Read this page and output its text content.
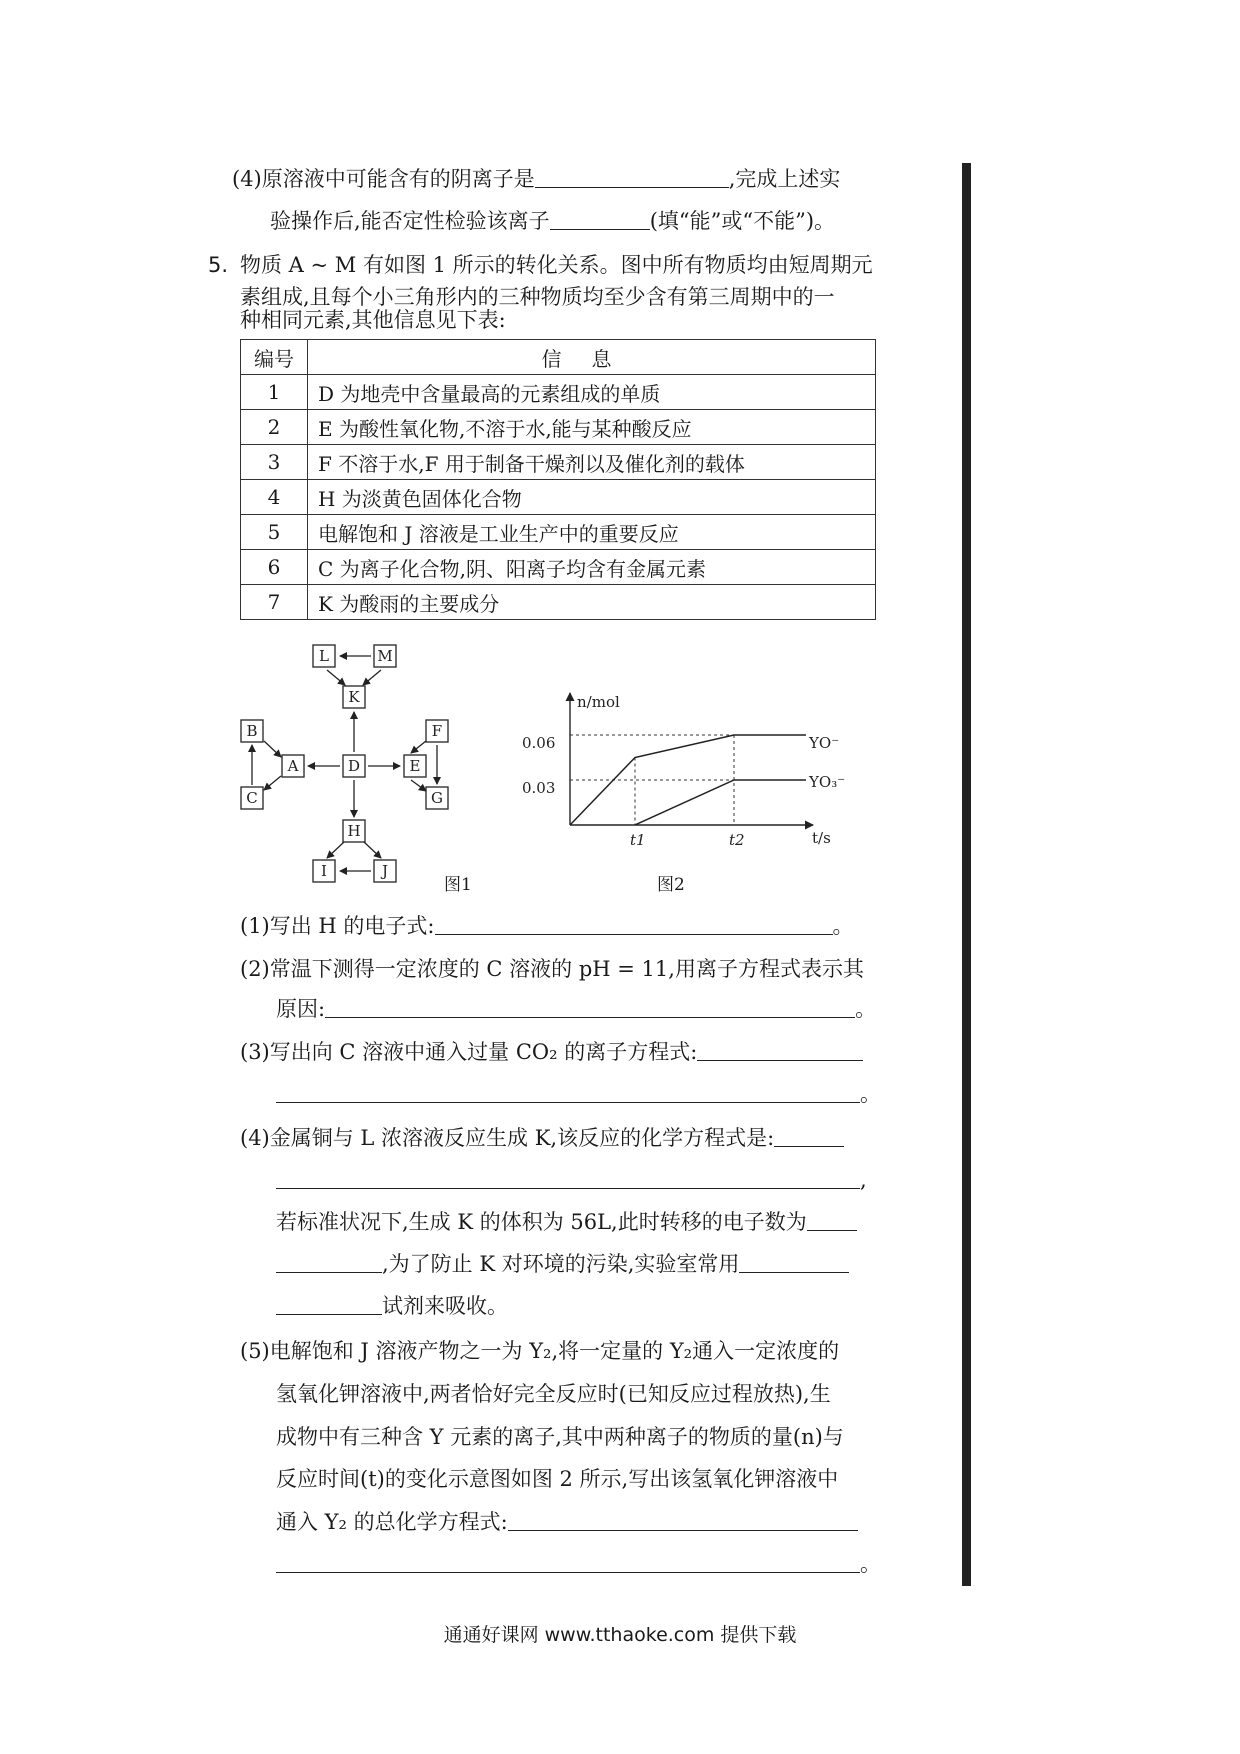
(4)原溶液中可能含有的阴离子是	,完成上述实
验操作后,能否定性检验该离子	(填“能”或“不能”)。
5. 物质 A ~ M 有如图 1 所示的转化关系。图中所有物质均由短周期元
素组成,且每个小三角形内的三种物质均至少含有第三周期中的一
种相同元素,其他信息见下表:
编号	信息
1	D 为地壳中含量最高的元素组成的单质
2	E 为酸性氧化物,不溶于水,能与某种酸反应
3	F 不溶于水,F 用于制备干燥剂以及催化剂的载体
4	H 为淡黄色固体化合物
5	电解饱和 J 溶液是工业生产中的重要反应
6	C 为离子化合物,阴、阳离子均含有金属元素
7	K 为酸雨的主要成分
L	M
K
B	F
A	D	E
C	G
H
I	J
图1
n/mol
t/s
0.06
0.03
t1	t2
YO⁻
YO₃⁻
图2
(1)写出 H 的电子式:	。
(2)常温下测得一定浓度的 C 溶液的 pH = 11,用离子方程式表示其
原因:	。
(3)写出向 C 溶液中通入过量 CO₂ 的离子方程式:
。
(4)金属铜与 L 浓溶液反应生成 K,该反应的化学方程式是:
,
若标准状况下,生成 K 的体积为 56L,此时转移的电子数为
,为了防止 K 对环境的污染,实验室常用
试剂来吸收。
(5)电解饱和 J 溶液产物之一为 Y₂,将一定量的 Y₂通入一定浓度的
氢氧化钾溶液中,两者恰好完全反应时(已知反应过程放热),生
成物中有三种含 Y 元素的离子,其中两种离子的物质的量(n)与
反应时间(t)的变化示意图如图 2 所示,写出该氢氧化钾溶液中
通入 Y₂ 的总化学方程式:
。
通通好课网 www.tthaoke.com 提供下载
